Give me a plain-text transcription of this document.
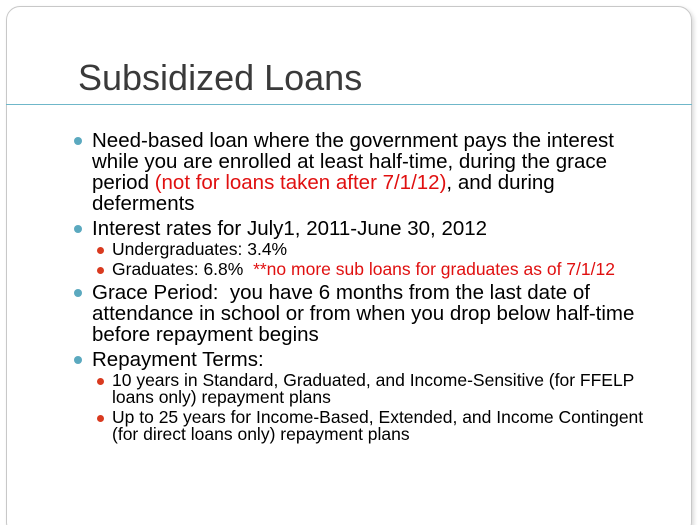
Subsidized Loans
Need-based loan where the government pays the interest while you are enrolled at least half-time, during the grace period (not for loans taken after 7/1/12), and during deferments
Interest rates for July1, 2011-June 30, 2012
Undergraduates: 3.4%
Graduates: 6.8%  **no more sub loans for graduates as of 7/1/12
Grace Period:  you have 6 months from the last date of attendance in school or from when you drop below half-time before repayment begins
Repayment Terms:
10 years in Standard, Graduated, and Income-Sensitive (for FFELP loans only) repayment plans
Up to 25 years for Income-Based, Extended, and Income Contingent (for direct loans only) repayment plans
